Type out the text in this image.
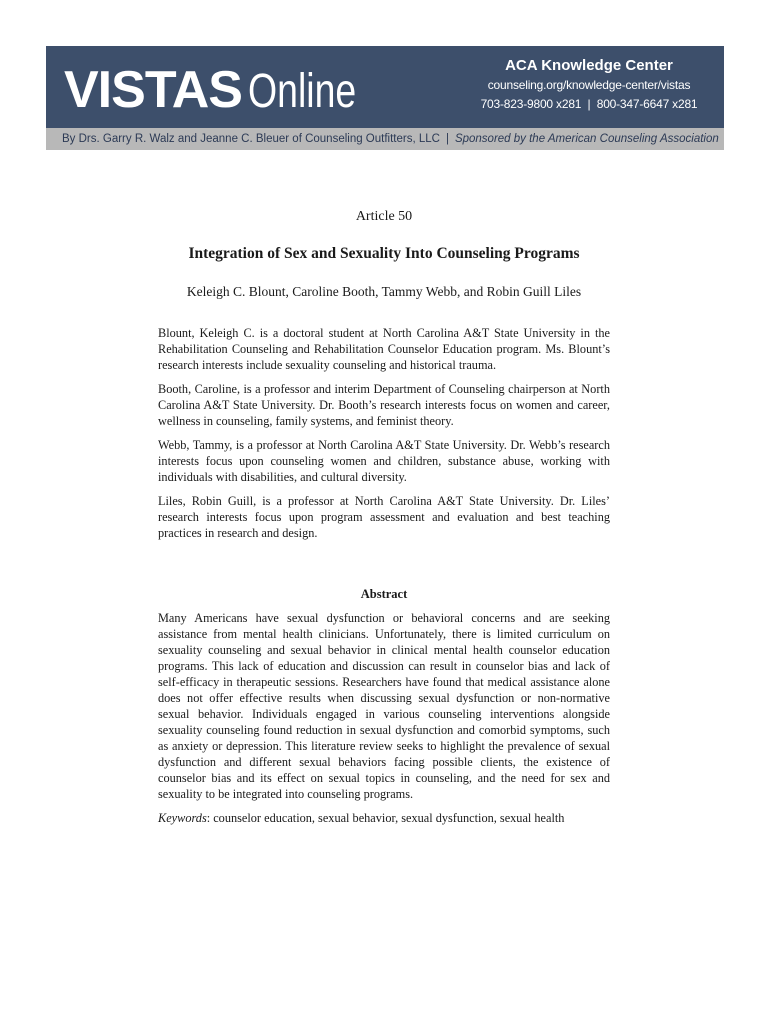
VISTAS Online	ACA Knowledge Center
counseling.org/knowledge-center/vistas
703-823-9800 x281  |  800-347-6647 x281
By Drs. Garry R. Walz and Jeanne C. Bleuer of Counseling Outfitters, LLC | Sponsored by the American Counseling Association
Article 50
Integration of Sex and Sexuality Into Counseling Programs
Keleigh C. Blount, Caroline Booth, Tammy Webb, and Robin Guill Liles

Blount, Keleigh C. is a doctoral student at North Carolina A&T State University in the Rehabilitation Counseling and Rehabilitation Counselor Education program. Ms. Blount’s research interests include sexuality counseling and historical trauma.

Booth, Caroline, is a professor and interim Department of Counseling chairperson at North Carolina A&T State University. Dr. Booth’s research interests focus on women and career, wellness in counseling, family systems, and feminist theory.

Webb, Tammy, is a professor at North Carolina A&T State University. Dr. Webb’s research interests focus upon counseling women and children, substance abuse, working with individuals with disabilities, and cultural diversity.

Liles, Robin Guill, is a professor at North Carolina A&T State University. Dr. Liles’ research interests focus upon program assessment and evaluation and best teaching practices in research and design.

Abstract

Many Americans have sexual dysfunction or behavioral concerns and are seeking assistance from mental health clinicians. Unfortunately, there is limited curriculum on sexuality counseling and sexual behavior in clinical mental health counselor education programs. This lack of education and discussion can result in counselor bias and lack of self-efficacy in therapeutic sessions. Researchers have found that medical assistance alone does not offer effective results when discussing sexual dysfunction or non-normative sexual behavior. Individuals engaged in various counseling interventions alongside sexuality counseling found reduction in sexual dysfunction and comorbid symptoms, such as anxiety or depression. This literature review seeks to highlight the prevalence of sexual dysfunction and different sexual behaviors facing possible clients, the existence of counselor bias and its effect on sexual topics in counseling, and the need for sex and sexuality to be integrated into counseling programs.

Keywords: counselor education, sexual behavior, sexual dysfunction, sexual health
